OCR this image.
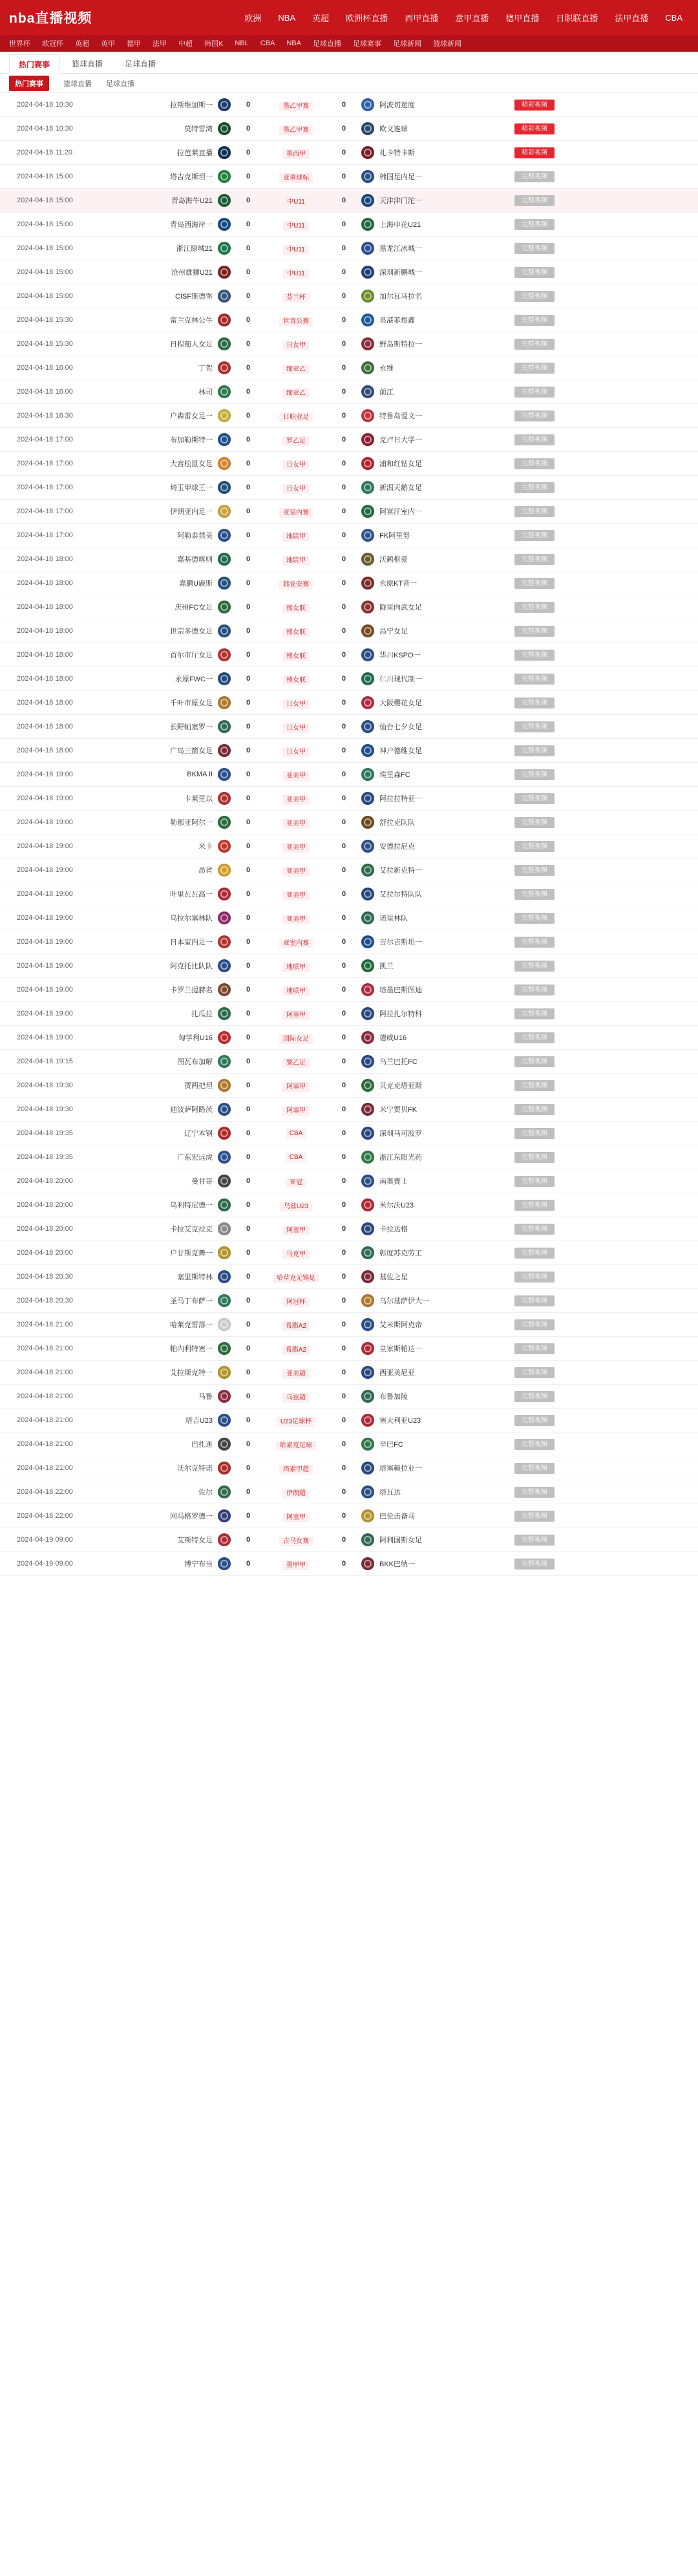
nba直播视频	欧洲 NBA 英超 欧洲杯直播 西甲直播 意甲直播 德甲直播 日职联直播 法甲直播 CBA
世界杯 欧冠杯 英超 英甲 德甲 法甲 中超 韩国K NBL CBA NBA 足球直播 足球赛事 足球新闻 篮球新闻
热门赛事	篮球直播	足球直播
热门赛事	篮球直播 足球直播
2024-04-18 10:30	拉斯维加斯一	0	墨乙甲赛	0	阿波切迷度	精彩视频
2024-04-18 10:30	莫特雷湾	0	墨乙甲赛	0	欧文连球	精彩视频
2024-04-18 11:20	拉芭莱直播	0	墨西甲	0	礼卡特卡斯	精彩视频
2024-04-18 15:00	塔吉克斯坦一	0	亚重球标	0	韩国足内足一	完整视频
2024-04-18 15:00	青岛海牛U21	0	中U11	0	天津津门沱一	完整视频
2024-04-18 15:00	青岛西海岸一	0	中U11	0	上海申花U21	完整视频
2024-04-18 15:00	浙江绿城21	0	中U11	0	黑龙江冰城一	完整视频
2024-04-18 15:00	沧州雄狮U21	0	中U11	0	深圳新鹏城一	完整视频
2024-04-18 15:00	CISF斯德堡	0	芬兰杯	0	加尔瓦马拉名	完整视频
2024-04-18 15:30	富兰克林公牛	0	世青公赛	0	泉港菲煜鑫	完整视频
2024-04-18 15:30	日程葡人女足	0	日女甲	0	野岛斯特拉一	完整视频
2024-04-18 16:00	丁贺	0	细亚乙	0	永维	完整视频
2024-04-18 16:00	林司	0	细亚乙	0	前江	完整视频
2024-04-18 16:30	户森雷女足一	0	日职业足	0	特鲁岛爱文一	完整视频
2024-04-18 17:00	布加勒斯特一	0	罗乙足	0	克卢日大学一	完整视频
2024-04-18 17:00	大宫松鼠女足	0	日女甲	0	浦和红钻女足	完整视频
2024-04-18 17:00	埼玉甲球王一	0	日女甲	0	新潟天鹅女足	完整视频
2024-04-18 17:00	伊朗亚内足一	0	亚室内赛	0	阿富汗室内一	完整视频
2024-04-18 17:00	阿勒泰禁美	0	地联甲	0	FK阿里努	完整视频
2024-04-18 18:00	嘉基德喀则	0	地联甲	0	沃鹤枢爱	完整视频
2024-04-18 18:00	嘉鹏U鹿斯	0	韩业安赛	0	永原KT音一	完整视频
2024-04-18 18:00	庆州FC女足	0	韩女联	0	陇里向武女足	完整视频
2024-04-18 18:00	世宗多德女足	0	韩女联	0	昌宁女足	完整视频
2024-04-18 18:00	首尔市厅女足	0	韩女联	0	华川KSPO一	完整视频
2024-04-18 18:00	永原FWC一	0	韩女联	0	仁川现代制一	完整视频
2024-04-18 18:00	千叶市原女足	0	日女甲	0	大阪樱花女足	完整视频
2024-04-18 18:00	长野帕塞罗一	0	日女甲	0	仙台七夕女足	完整视频
2024-04-18 18:00	广岛三箭女足	0	日女甲	0	神户德维女足	完整视频
2024-04-18 19:00	BKMA II	0	亚美甲	0	埃里森FC	完整视频
2024-04-18 19:00	卡莱里以	0	亚美甲	0	阿拉拉特亚一	完整视频
2024-04-18 19:00	勒都亚阿尔一	0	亚美甲	0	舒拉克队队	完整视频
2024-04-18 19:00	米卡	0	亚美甲	0	安德拉尼克	完整视频
2024-04-18 19:00	昂省	0	亚美甲	0	艾拉新克特一	完整视频
2024-04-18 19:00	叶里瓦瓦高一	0	亚美甲	0	艾拉尔特队队	完整视频
2024-04-18 19:00	乌拉尔塞林队	0	亚美甲	0	诺里林队	完整视频
2024-04-18 19:00	日本室内足一	0	亚室内赛	0	吉尔吉斯坦一	完整视频
2024-04-18 19:00	阿克托比队队	0	地联甲	0	凯兰	完整视频
2024-04-18 19:00	卡罗兰提赫名	0	地联甲	0	塔墨巴斯图迪	完整视频
2024-04-18 19:00	扎瓜拉	0	阿塞甲	0	阿拉扎尔特科	完整视频
2024-04-18 19:00	匈学利U16	0	国际女足	0	德威U16	完整视频
2024-04-18 19:15	图瓦布加解	0	黎乙足	0	乌兰巴托FC	完整视频
2024-04-18 19:30	贾两把坦	0	阿塞甲	0	贝克克塔亚斯	完整视频
2024-04-18 19:30	迪波萨阿路茨	0	阿塞甲	0	米宁贾贝FK	完整视频
2024-04-18 19:35	辽宁本钢	0	CBA	0	深圳马可波罗	完整视频
2024-04-18 19:35	广东宏远虎	0	CBA	0	浙江东阳光药	完整视频
2024-04-18 20:00	曼甘哥	0	亚冠	0	南奥赛士	完整视频
2024-04-18 20:00	乌利特尼德一	0	乌兹U23	0	米尔沃U23	完整视频
2024-04-18 20:00	卡拉艾克拉克	0	阿塞甲	0	卡拉达格	完整视频
2024-04-18 20:00	户甘斯克舞一	0	乌克甲	0	彰度苏克劳工	完整视频
2024-04-18 20:30	塞里斯特林	0	哈草克无锡足	0	基佐之星	完整视频
2024-04-18 20:30	圣马丁布萨一	0	阿冠杯	0	乌尔基萨伊大一	完整视频
2024-04-18 21:00	哈莱克雷落一	0	希腊A2	0	艾米斯阿克帝	完整视频
2024-04-18 21:00	帕内利特塞一	0	希腊A2	0	皇家斯帕达一	完整视频
2024-04-18 21:00	艾拉斯克特一	0	亚美超	0	西亚美尼亚	完整视频
2024-04-18 21:00	马鲁	0	乌兹超	0	布鲁加陵	完整视频
2024-04-18 21:00	塔吉U23	0	U23足球杯	0	塞大利亚U23	完整视频
2024-04-18 21:00	巴扎迷	0	哈素克足球	0	辛巴FC	完整视频
2024-04-18 21:00	沃尔克特诺	0	塔素甲超	0	塔塞赖拉亚一	完整视频
2024-04-18 22:00	佐尔	0	伊朗超	0	塔瓦达	完整视频
2024-04-18 22:00	网马格罗德一	0	阿塞甲	0	巴伦击备马	完整视频
2024-04-19 09:00	艾斯特女足	0	古马女赛	0	阿利国斯女足	完整视频
2024-04-19 09:00	博宁布当	0	墨甲甲	0	BKK巴纳一	完整视频
